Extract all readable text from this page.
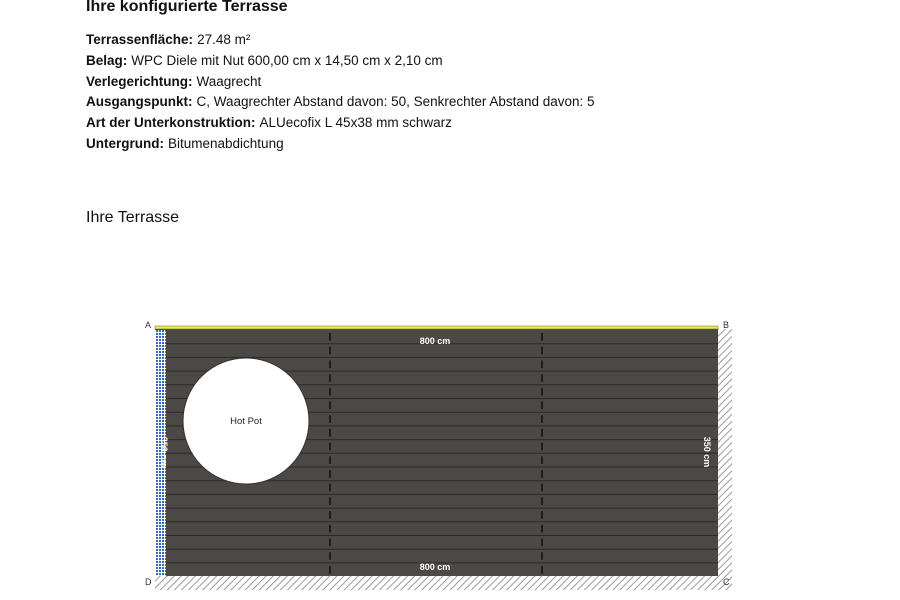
Ihre konfigurierte Terrasse
Terrassenfläche: 27.48 m²
Belag: WPC Diele mit Nut 600,00 cm x 14,50 cm x 2,10 cm
Verlegerichtung: Waagrecht
Ausgangspunkt: C, Waagrechter Abstand davon: 50, Senkrechter Abstand davon: 5
Art der Unterkonstruktion: ALUecofix L 45x38 mm schwarz
Untergrund: Bitumenabdichtung
Ihre Terrasse
Hot Pot
800 cm
800 cm
350 cm	350 cm
A	B
C
D
